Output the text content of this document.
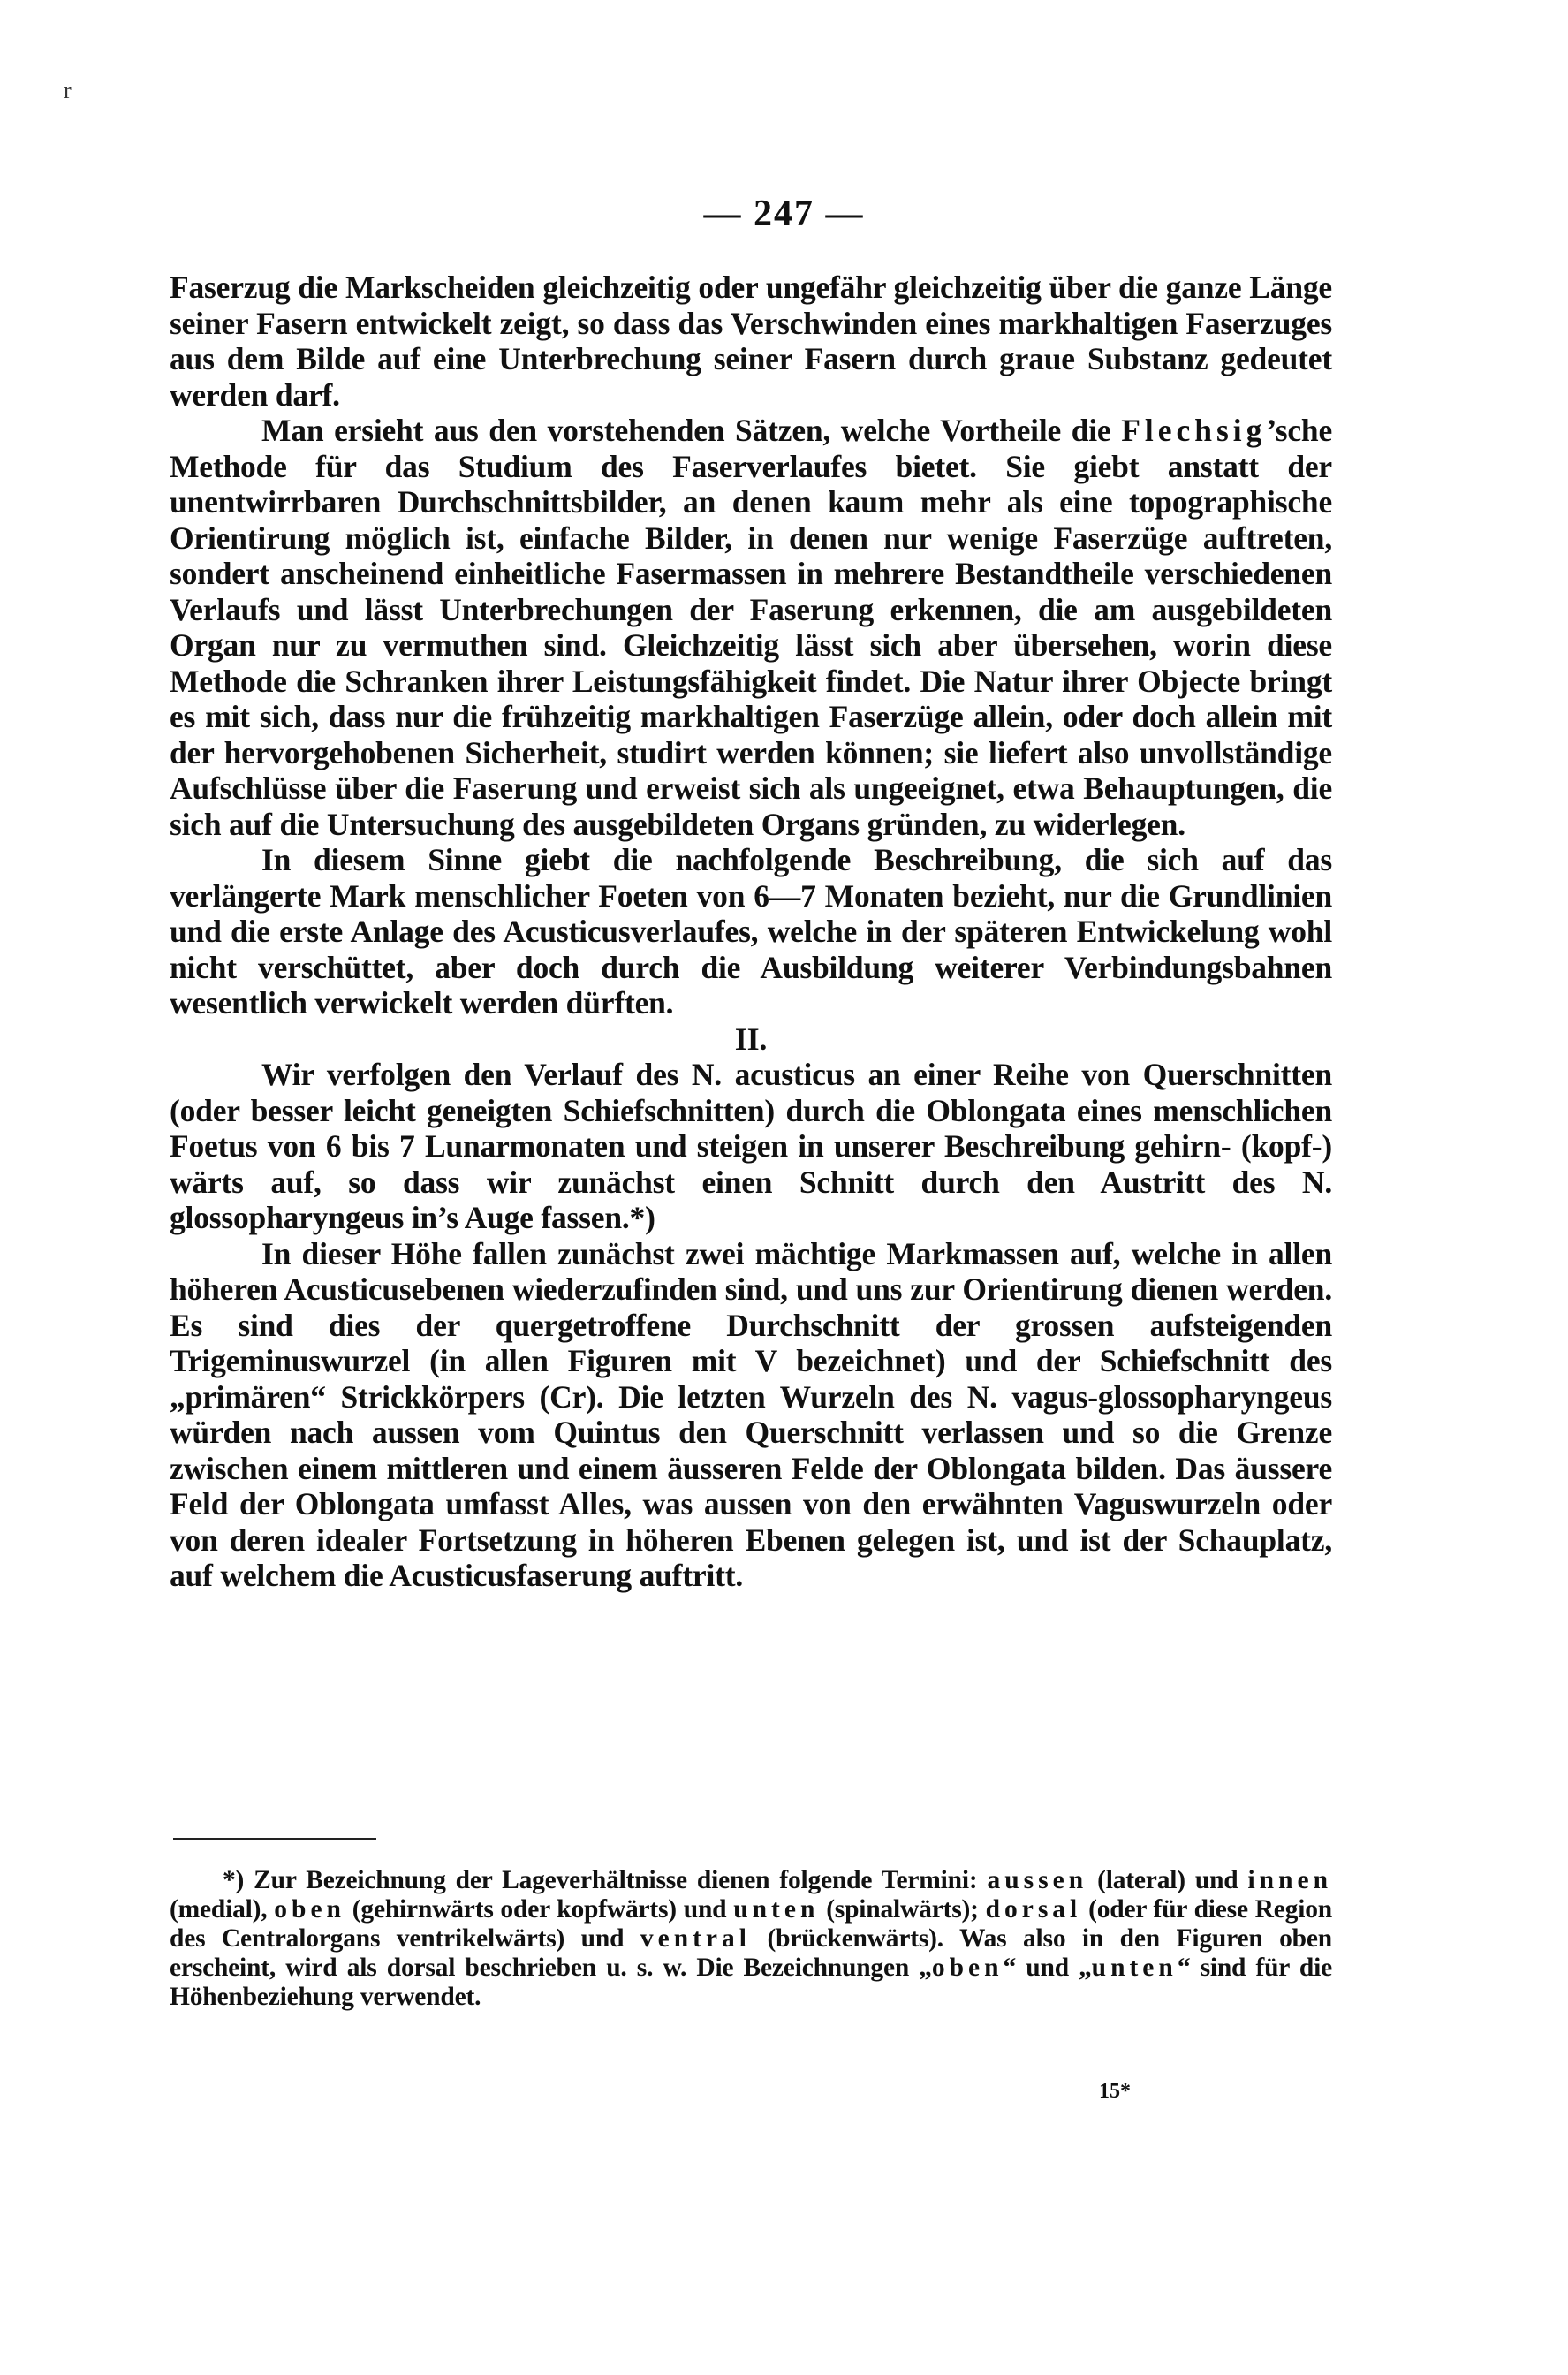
r
— 247 —

Faserzug die Markscheiden gleichzeitig oder ungefähr gleichzeitig über die ganze Länge seiner Fasern entwickelt zeigt, so dass das Verschwinden eines markhaltigen Faserzuges aus dem Bilde auf eine Unterbrechung seiner Fasern durch graue Substanz gedeutet werden darf.

Man ersieht aus den vorstehenden Sätzen, welche Vortheile die Flechsig’sche Methode für das Studium des Faserverlaufes bietet. Sie giebt anstatt der unentwirrbaren Durchschnittsbilder, an denen kaum mehr als eine topographische Orientirung möglich ist, einfache Bilder, in denen nur wenige Faserzüge auftreten, sondert anscheinend einheitliche Fasermassen in mehrere Bestandtheile verschiedenen Verlaufs und lässt Unterbrechungen der Faserung erkennen, die am ausgebildeten Organ nur zu vermuthen sind. Gleichzeitig lässt sich aber übersehen, worin diese Methode die Schranken ihrer Leistungsfähigkeit findet. Die Natur ihrer Objecte bringt es mit sich, dass nur die frühzeitig markhaltigen Faserzüge allein, oder doch allein mit der hervorgehobenen Sicherheit, studirt werden können; sie liefert also unvollständige Aufschlüsse über die Faserung und erweist sich als ungeeignet, etwa Behauptungen, die sich auf die Untersuchung des ausgebildeten Organs gründen, zu widerlegen.

In diesem Sinne giebt die nachfolgende Beschreibung, die sich auf das verlängerte Mark menschlicher Foeten von 6—7 Monaten bezieht, nur die Grundlinien und die erste Anlage des Acusticusverlaufes, welche in der späteren Entwickelung wohl nicht verschüttet, aber doch durch die Ausbildung weiterer Verbindungsbahnen wesentlich verwickelt werden dürften.

II.

Wir verfolgen den Verlauf des N. acusticus an einer Reihe von Querschnitten (oder besser leicht geneigten Schiefschnitten) durch die Oblongata eines menschlichen Foetus von 6 bis 7 Lunarmonaten und steigen in unserer Beschreibung gehirn- (kopf-) wärts auf, so dass wir zunächst einen Schnitt durch den Austritt des N. glossopharyngeus in’s Auge fassen.*)

In dieser Höhe fallen zunächst zwei mächtige Markmassen auf, welche in allen höheren Acusticusebenen wiederzufinden sind, und uns zur Orientirung dienen werden. Es sind dies der quergetroffene Durchschnitt der grossen aufsteigenden Trigeminuswurzel (in allen Figuren mit V bezeichnet) und der Schiefschnitt des „primären“ Strickkörpers (Cr). Die letzten Wurzeln des N. vagus-glossopharyngeus würden nach aussen vom Quintus den Querschnitt verlassen und so die Grenze zwischen einem mittleren und einem äusseren Felde der Oblongata bilden. Das äussere Feld der Oblongata umfasst Alles, was aussen von den erwähnten Vaguswurzeln oder von deren idealer Fortsetzung in höheren Ebenen gelegen ist, und ist der Schauplatz, auf welchem die Acusticusfaserung auftritt.

*) Zur Bezeichnung der Lageverhältnisse dienen folgende Termini: aussen (lateral) und innen (medial), oben (gehirnwärts oder kopfwärts) und unten (spinalwärts); dorsal (oder für diese Region des Centralorgans ventrikelwärts) und ventral (brückenwärts). Was also in den Figuren oben erscheint, wird als dorsal beschrieben u. s. w. Die Bezeichnungen „oben“ und „unten“ sind für die Höhenbeziehung verwendet.

15*
